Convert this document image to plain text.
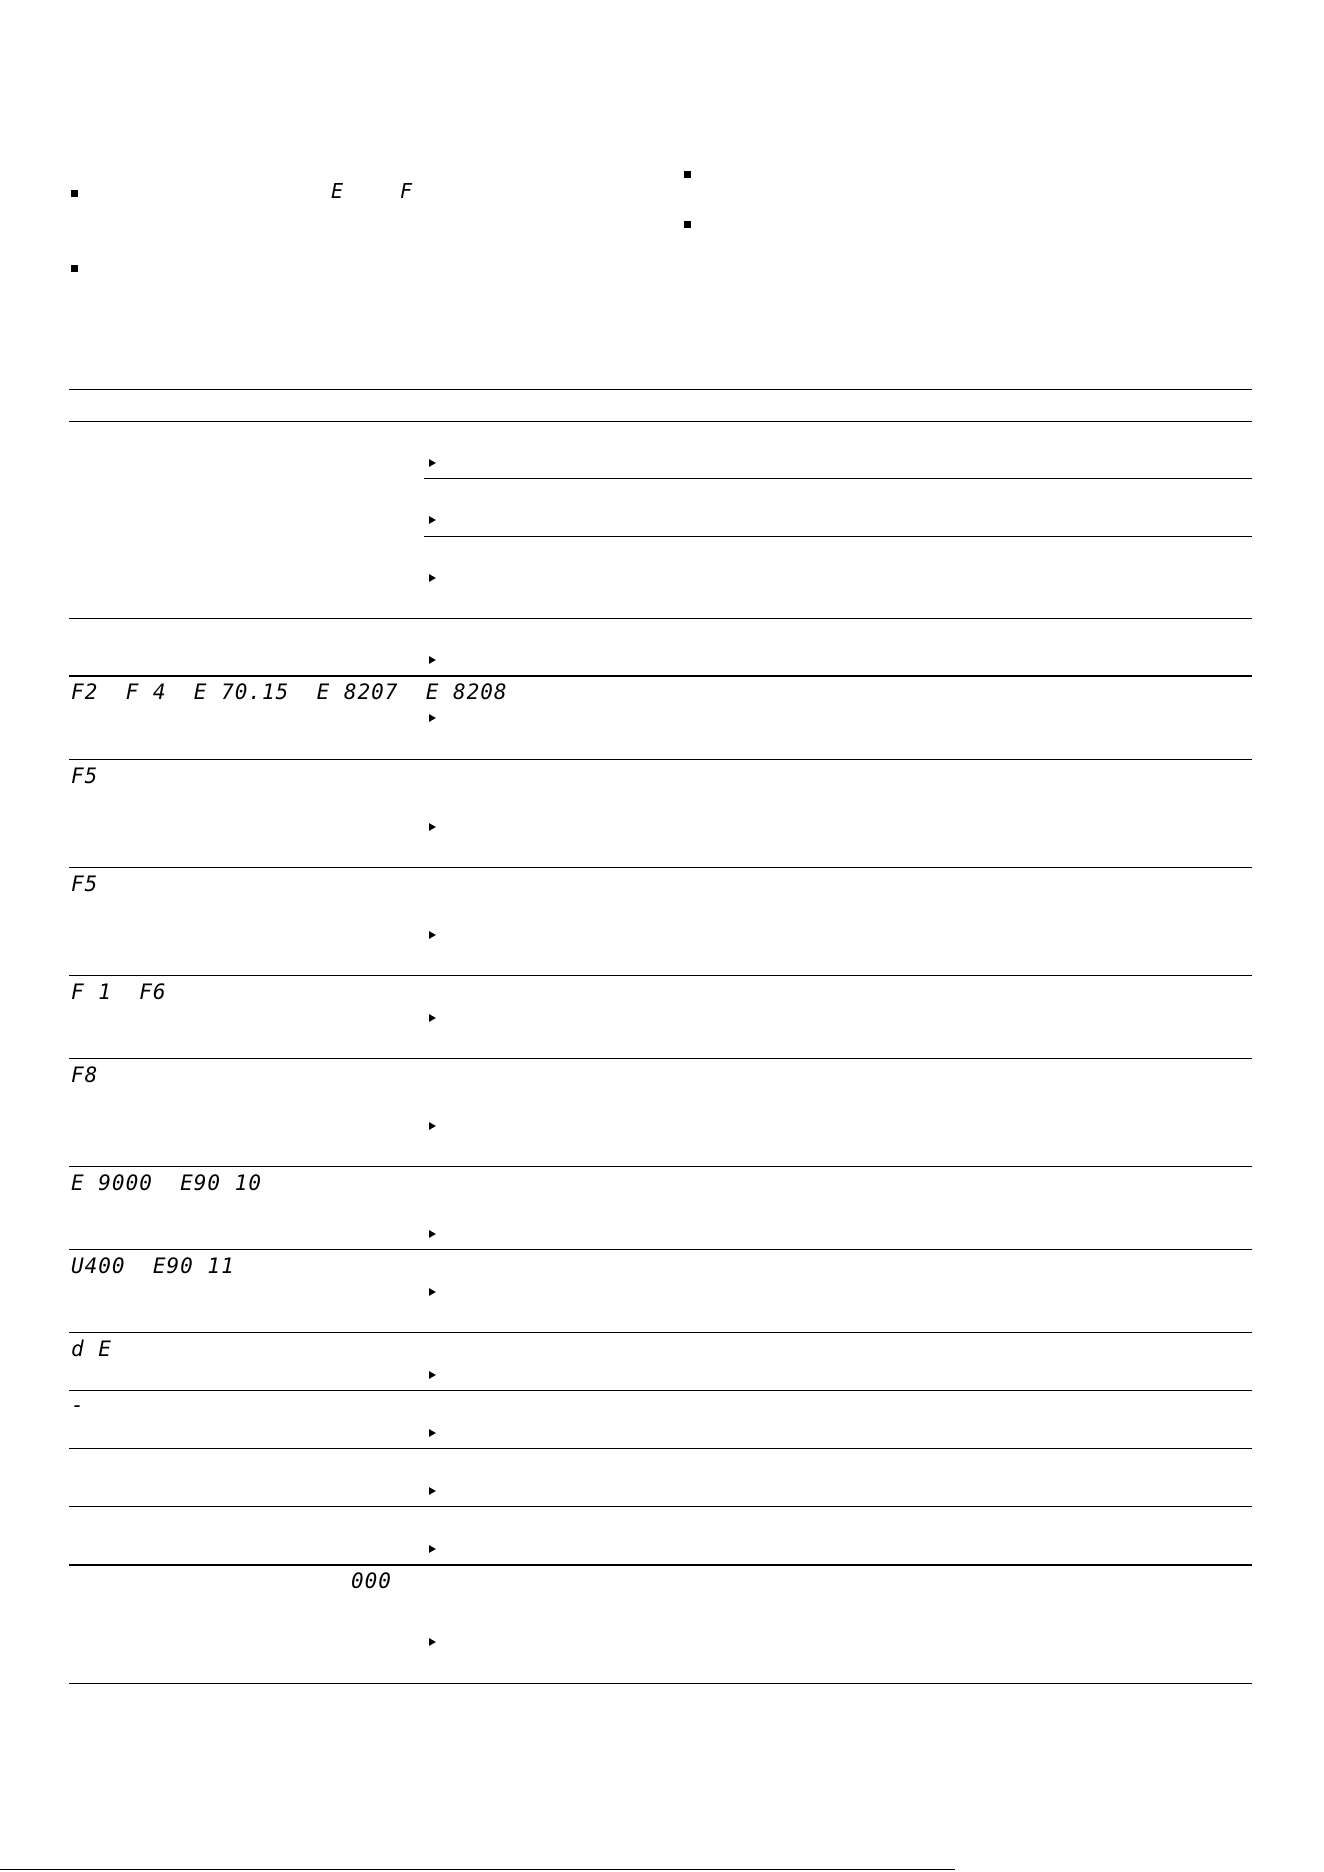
E	F
F2  F 4  E 70.15  E 8207  E 8208
F5
F5
F 1  F6
F8
E 9000  E90 10
U400  E90 11
d E
-
000
